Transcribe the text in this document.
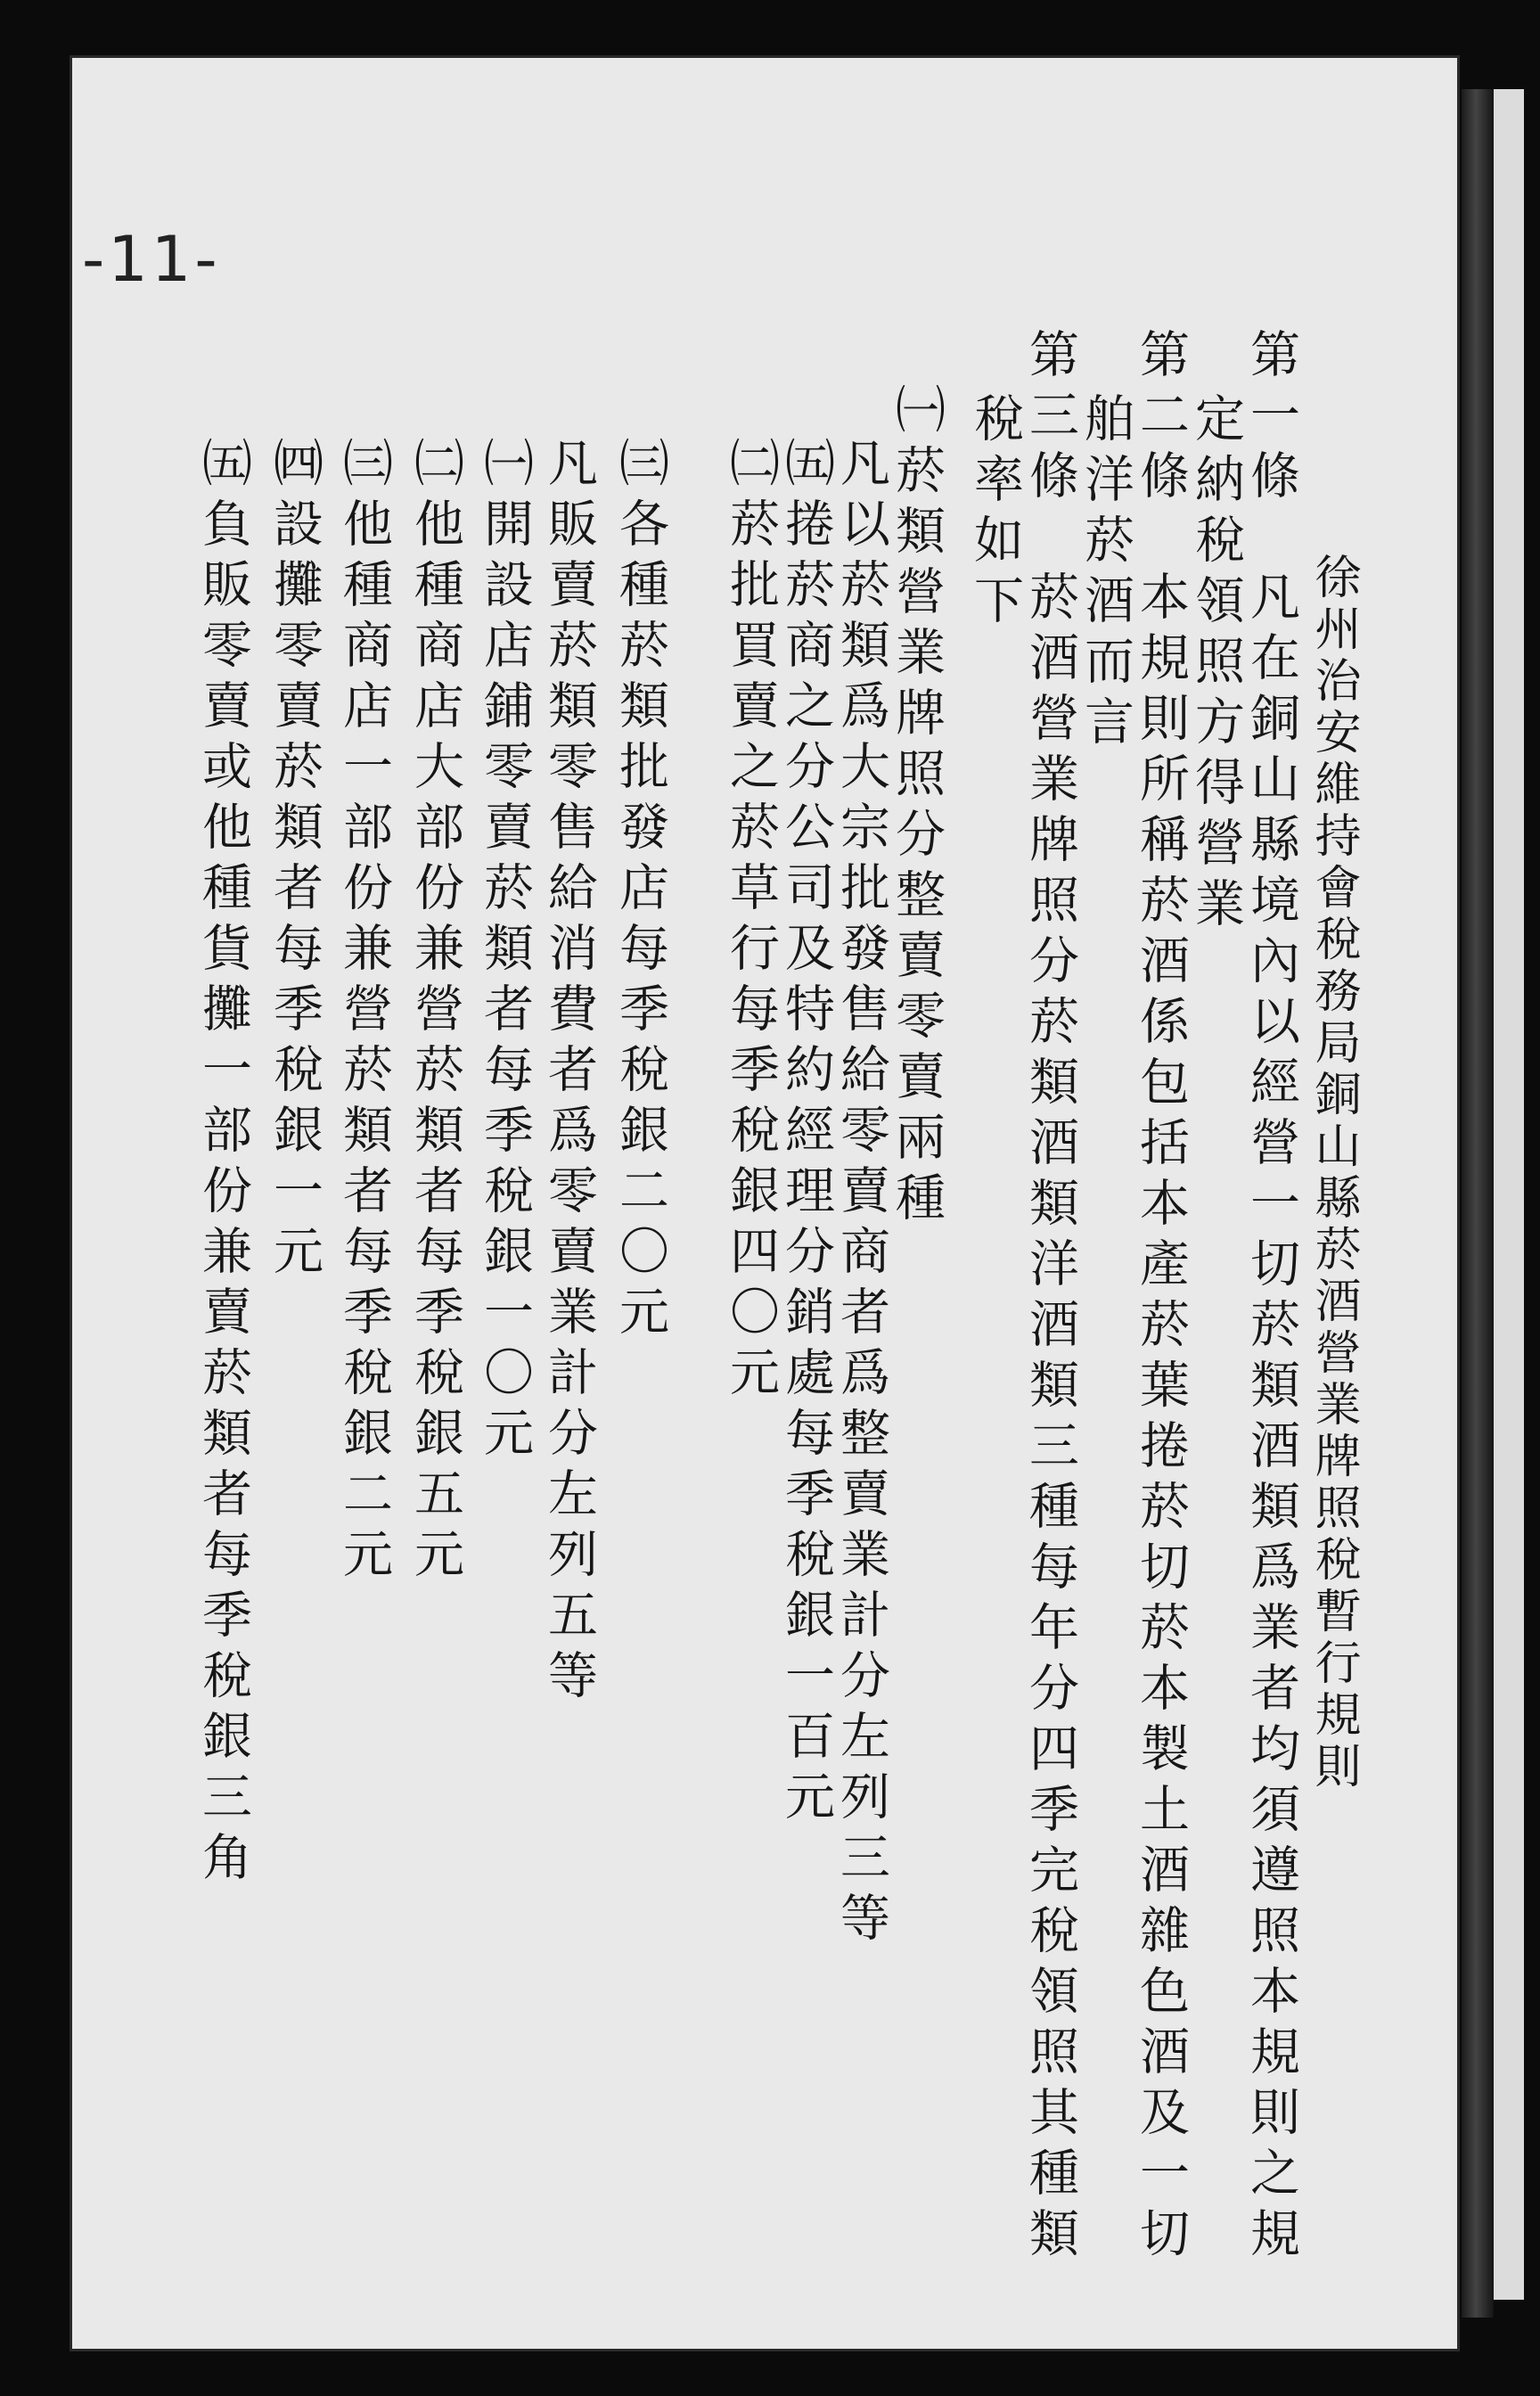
-11-
徐州治安維持會稅務局銅山縣菸酒營業牌照稅暫行規則
第一條　凡在銅山縣境內以經營一切菸類酒類爲業者均須遵照本規則之規
定納稅領照方得營業
第二條　本規則所稱菸酒係包括本產菸葉捲菸切菸本製土酒雜色酒及一切
舶洋菸酒而言
第三條　菸酒營業牌照分菸類酒類洋酒類三種每年分四季完稅領照其種類
稅率如下
㈠菸類營業牌照分整賣零賣兩種
凡以菸類爲大宗批發售給零賣商者爲整賣業計分左列三等
㈤捲菸商之分公司及特約經理分銷處每季稅銀一百元
㈡菸批買賣之菸草行每季稅銀四〇元
㈢各種菸類批發店每季稅銀二〇元
凡販賣菸類零售給消費者爲零賣業計分左列五等
㈠開設店鋪零賣菸類者每季稅銀一〇元
㈡他種商店大部份兼營菸類者每季稅銀五元
㈢他種商店一部份兼營菸類者每季稅銀二元
㈣設攤零賣菸類者每季稅銀一元
㈤負販零賣或他種貨攤一部份兼賣菸類者每季稅銀三角
